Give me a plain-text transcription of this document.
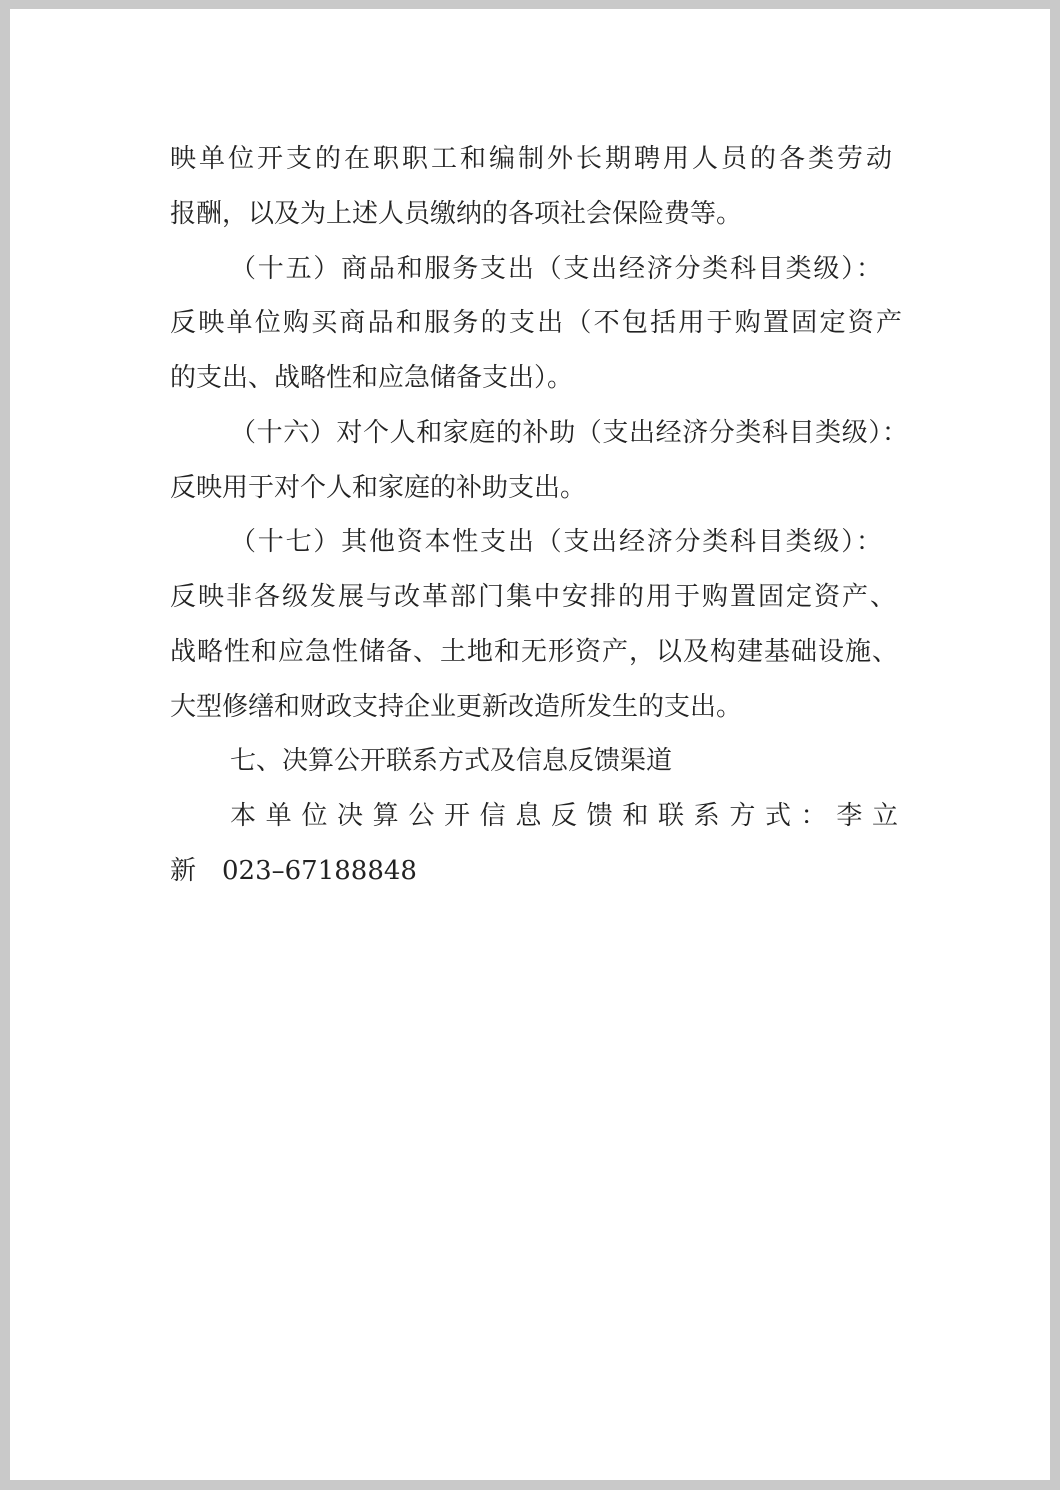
映单位开支的在职职工和编制外长期聘用人员的各类劳动
报酬，以及为上述人员缴纳的各项社会保险费等。
（十五）商品和服务支出（支出经济分类科目类级）：
反映单位购买商品和服务的支出（不包括用于购置固定资产
的支出、战略性和应急储备支出）。
（十六）对个人和家庭的补助（支出经济分类科目类级）：
反映用于对个人和家庭的补助支出。
（十七）其他资本性支出（支出经济分类科目类级）：
反映非各级发展与改革部门集中安排的用于购置固定资产、
战略性和应急性储备、土地和无形资产，以及构建基础设施、
大型修缮和财政支持企业更新改造所发生的支出。
七、决算公开联系方式及信息反馈渠道
本单位决算公开信息反馈和联系方式：李立
新　023–67188848
